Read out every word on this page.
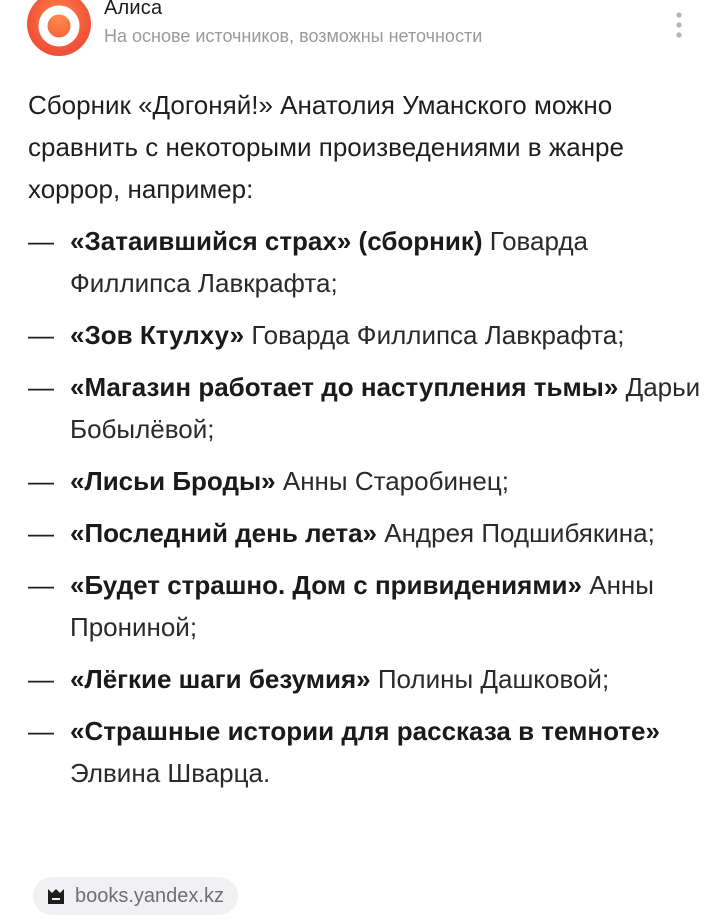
Алиса
На основе источников, возможны неточности

Сборник «Догоняй!» Анатолия Уманского можно сравнить с некоторыми произведениями в жанре хоррор, например:

— «Затаившийся страх» (сборник) Говарда Филлипса Лавкрафта;
— «Зов Ктулху» Говарда Филлипса Лавкрафта;
— «Магазин работает до наступления тьмы» Дарьи Бобылёвой;
— «Лисьи Броды» Анны Старобинец;
— «Последний день лета» Андрея Подшибякина;
— «Будет страшно. Дом с привидениями» Анны Прониной;
— «Лёгкие шаги безумия» Полины Дашковой;
— «Страшные истории для рассказа в темноте» Элвина Шварца.
books.yandex.kz
